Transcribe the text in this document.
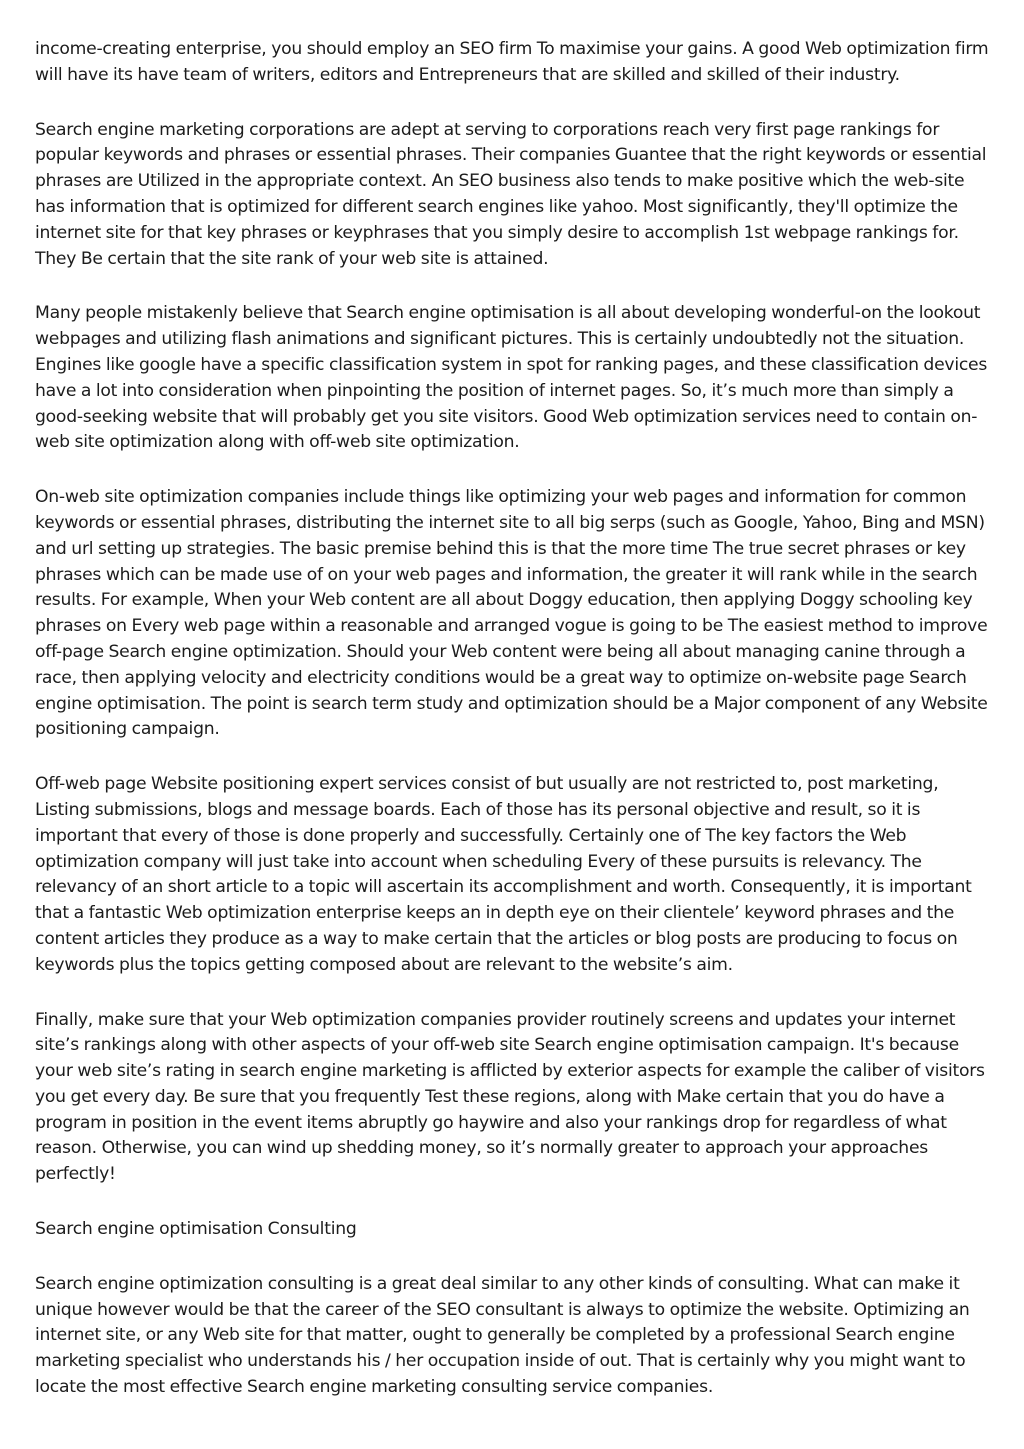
income-creating enterprise, you should employ an SEO firm To maximise your gains. A good Web optimization firm will have its have team of writers, editors and Entrepreneurs that are skilled and skilled of their industry.

Search engine marketing corporations are adept at serving to corporations reach very first page rankings for popular keywords and phrases or essential phrases. Their companies Guantee that the right keywords or essential phrases are Utilized in the appropriate context. An SEO business also tends to make positive which the web-site has information that is optimized for different search engines like yahoo. Most significantly, they'll optimize the internet site for that key phrases or keyphrases that you simply desire to accomplish 1st webpage rankings for. They Be certain that the site rank of your web site is attained.

Many people mistakenly believe that Search engine optimisation is all about developing wonderful-on the lookout webpages and utilizing flash animations and significant pictures. This is certainly undoubtedly not the situation. Engines like google have a specific classification system in spot for ranking pages, and these classification devices have a lot into consideration when pinpointing the position of internet pages. So, it’s much more than simply a good-seeking website that will probably get you site visitors. Good Web optimization services need to contain on-web site optimization along with off-web site optimization.

On-web site optimization companies include things like optimizing your web pages and information for common keywords or essential phrases, distributing the internet site to all big serps (such as Google, Yahoo, Bing and MSN) and url setting up strategies. The basic premise behind this is that the more time The true secret phrases or key phrases which can be made use of on your web pages and information, the greater it will rank while in the search results. For example, When your Web content are all about Doggy education, then applying Doggy schooling key phrases on Every web page within a reasonable and arranged vogue is going to be The easiest method to improve off-page Search engine optimization. Should your Web content were being all about managing canine through a race, then applying velocity and electricity conditions would be a great way to optimize on-website page Search engine optimisation. The point is search term study and optimization should be a Major component of any Website positioning campaign.

Off-web page Website positioning expert services consist of but usually are not restricted to, post marketing, Listing submissions, blogs and message boards. Each of those has its personal objective and result, so it is important that every of those is done properly and successfully. Certainly one of The key factors the Web optimization company will just take into account when scheduling Every of these pursuits is relevancy. The relevancy of an short article to a topic will ascertain its accomplishment and worth. Consequently, it is important that a fantastic Web optimization enterprise keeps an in depth eye on their clientele’ keyword phrases and the content articles they produce as a way to make certain that the articles or blog posts are producing to focus on keywords plus the topics getting composed about are relevant to the website’s aim.

Finally, make sure that your Web optimization companies provider routinely screens and updates your internet site’s rankings along with other aspects of your off-web site Search engine optimisation campaign. It's because your web site’s rating in search engine marketing is afflicted by exterior aspects for example the caliber of visitors you get every day. Be sure that you frequently Test these regions, along with Make certain that you do have a program in position in the event items abruptly go haywire and also your rankings drop for regardless of what reason. Otherwise, you can wind up shedding money, so it’s normally greater to approach your approaches perfectly!

Search engine optimisation Consulting

Search engine optimization consulting is a great deal similar to any other kinds of consulting. What can make it unique however would be that the career of the SEO consultant is always to optimize the website. Optimizing an internet site, or any Web site for that matter, ought to generally be completed by a professional Search engine marketing specialist who understands his / her occupation inside of out. That is certainly why you might want to locate the most effective Search engine marketing consulting service companies.
